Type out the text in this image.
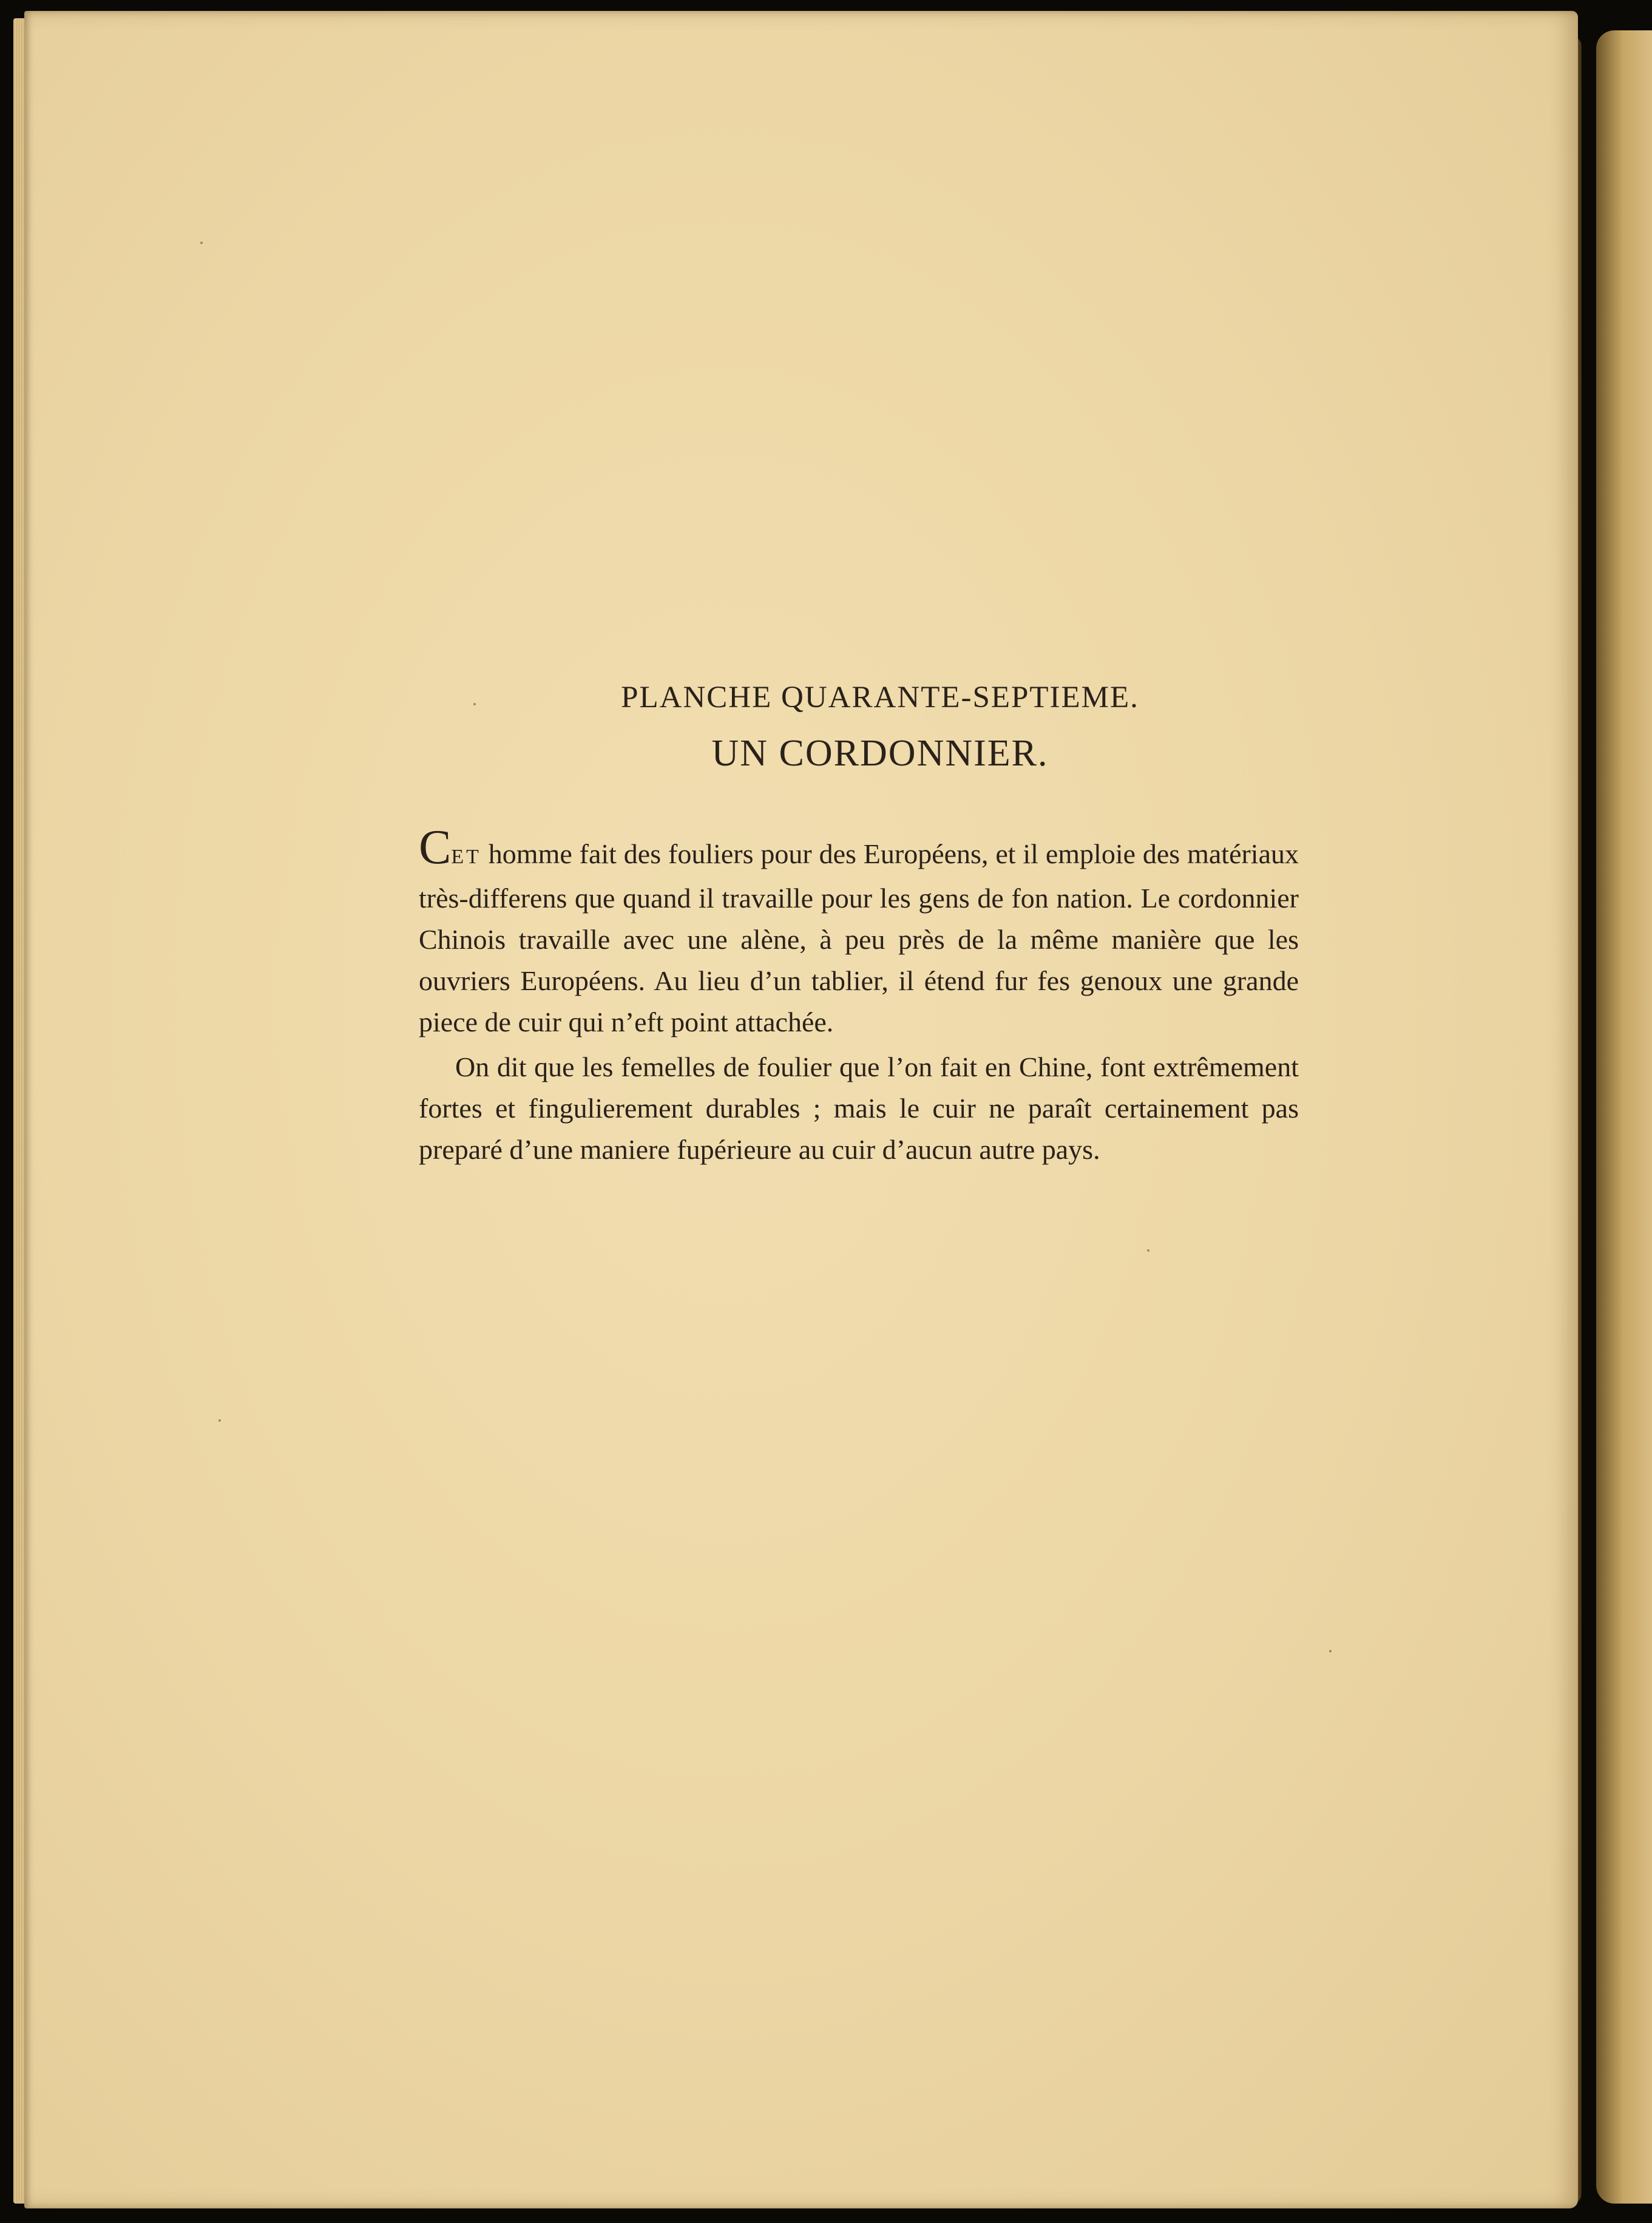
PLANCHE QUARANTE-SEPTIEME.
UN CORDONNIER.

CET homme fait des fouliers pour des Européens, et il emploie des matériaux très-differens que quand il travaille pour les gens de fon nation. Le cordonnier Chinois travaille avec une alène, à peu près de la même manière que les ouvriers Européens. Au lieu d’un tablier, il étend fur fes genoux une grande piece de cuir qui n’eft point attachée.

On dit que les femelles de foulier que l’on fait en Chine, font extrêmement fortes et fingulierement durables ; mais le cuir ne paraît certainement pas preparé d’une maniere fupérieure au cuir d’aucun autre pays.
